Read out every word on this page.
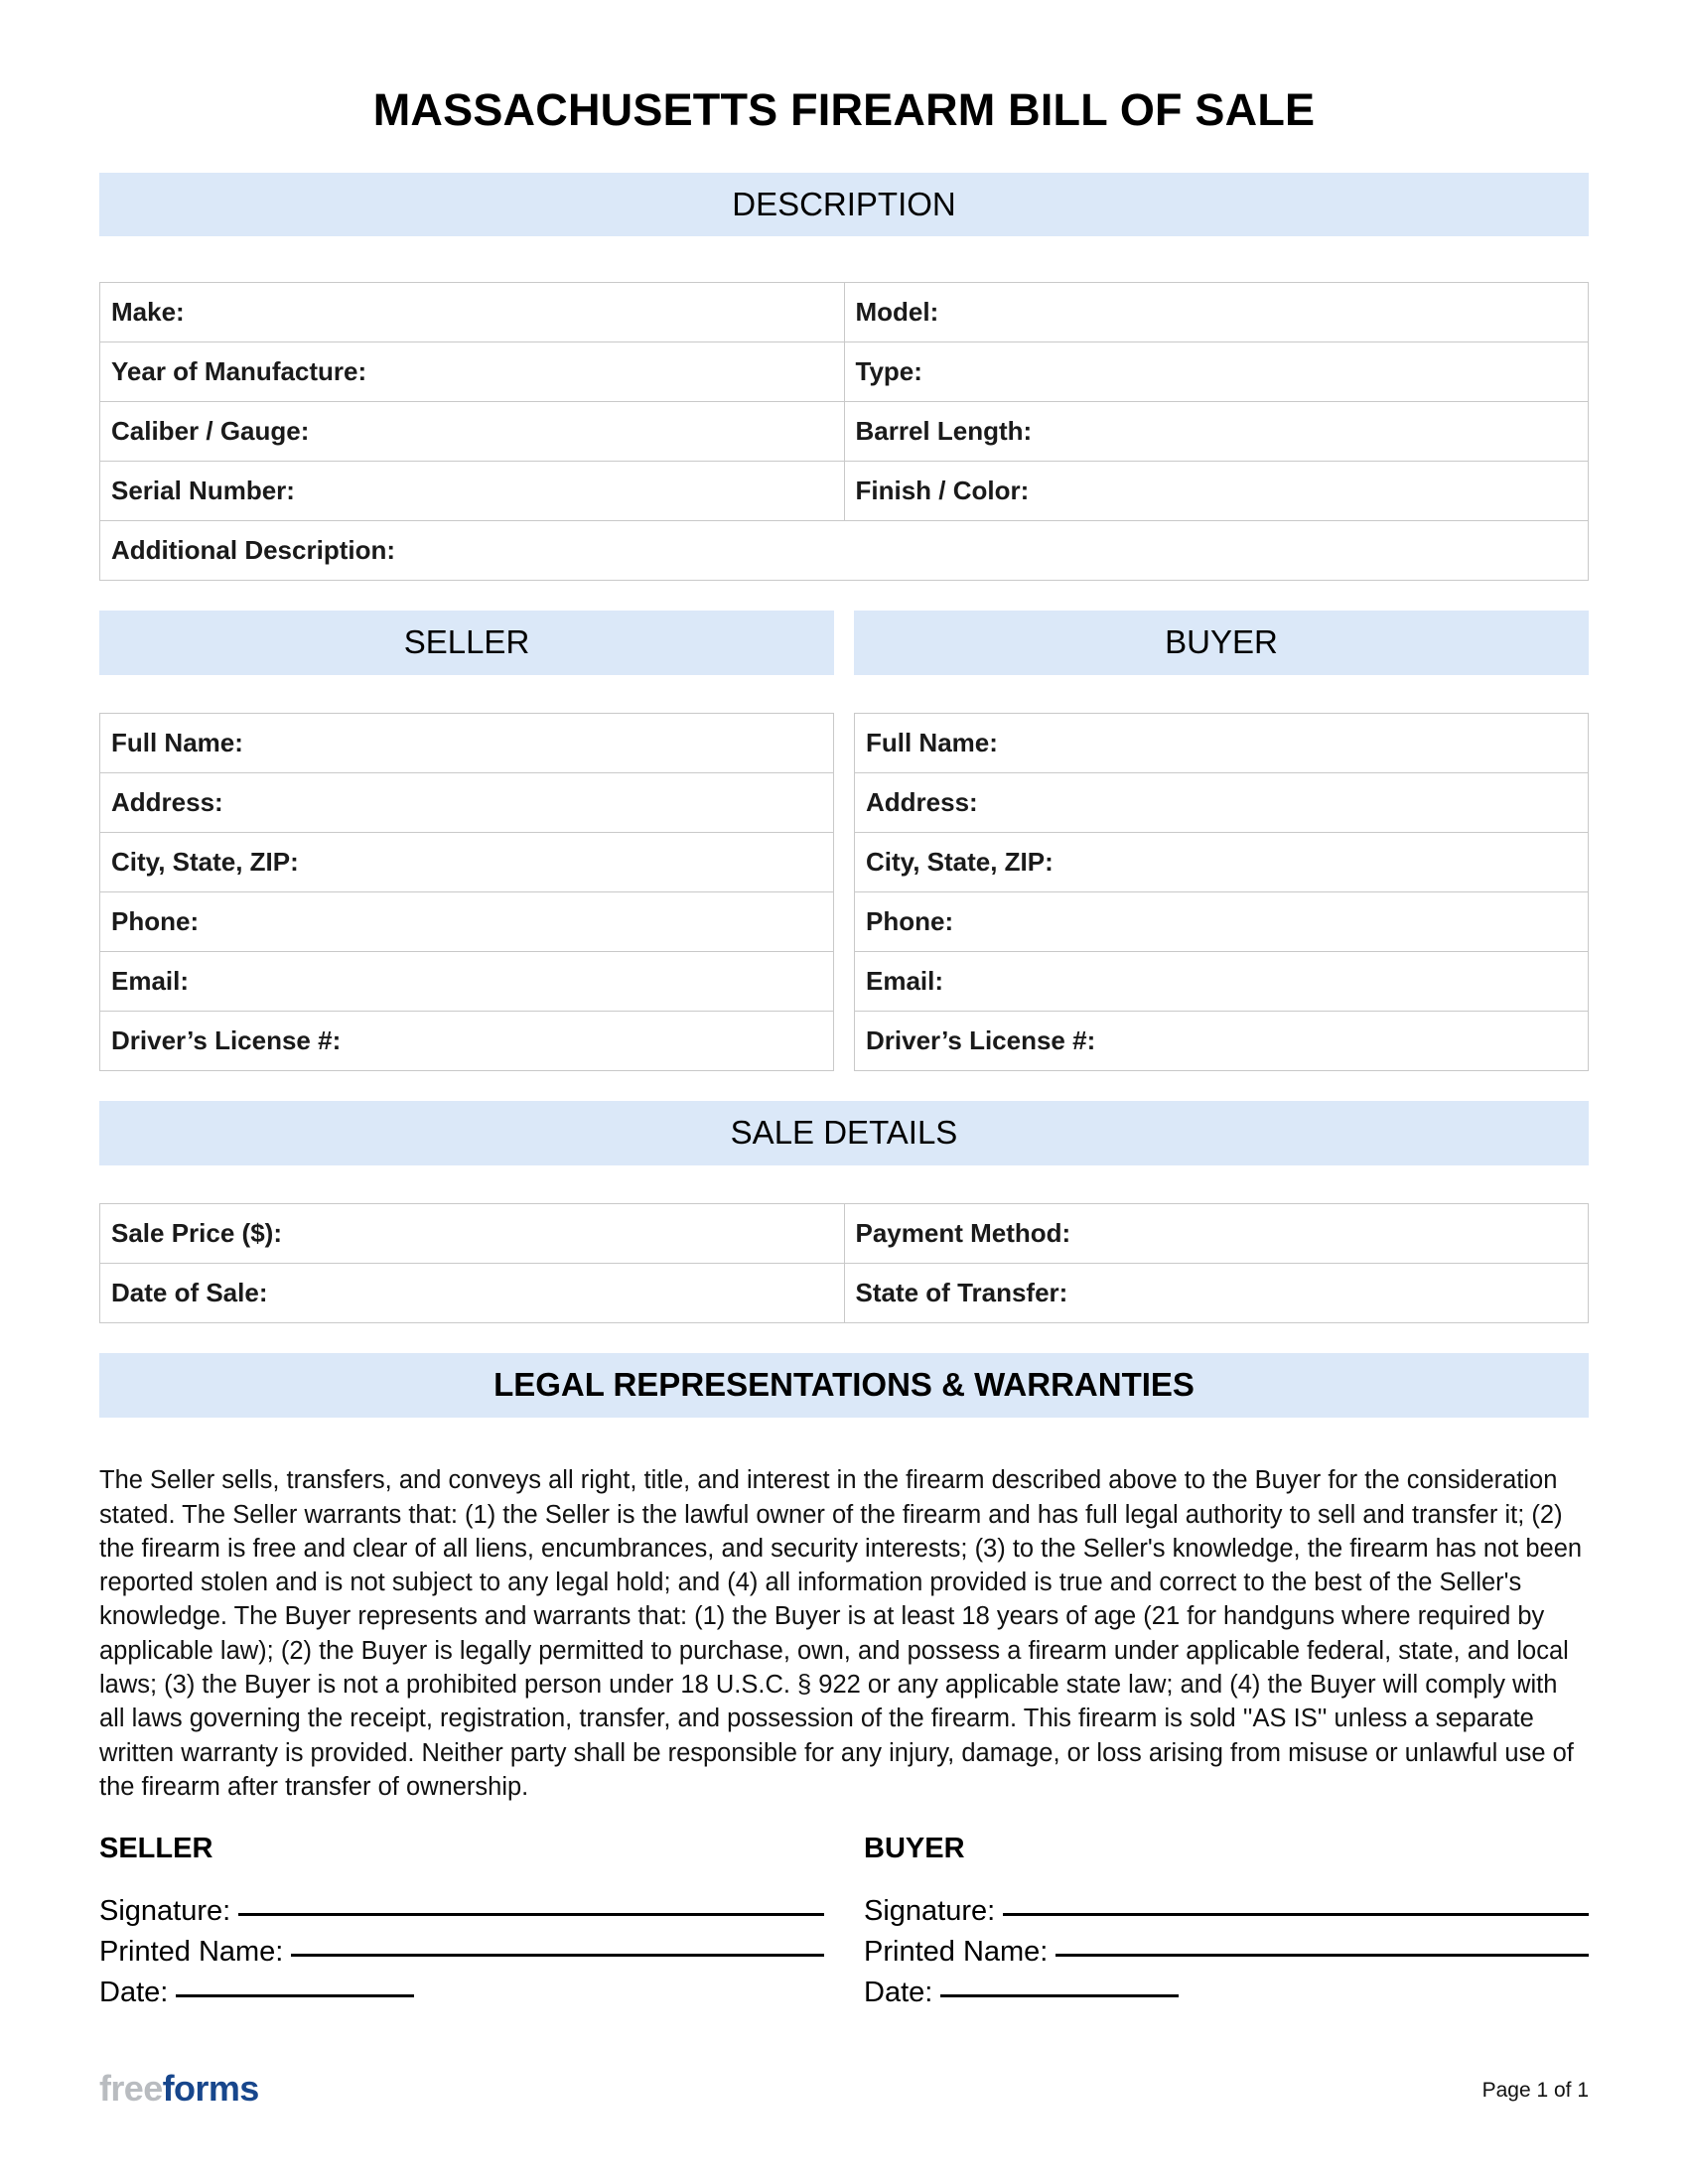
MASSACHUSETTS FIREARM BILL OF SALE
DESCRIPTION
Make:	Model:
Year of Manufacture:	Type:
Caliber / Gauge:	Barrel Length:
Serial Number:	Finish / Color:
Additional Description:	
SELLER	BUYER
Full Name:
Address:
City, State, ZIP:
Phone:
Email:
Driver’s License #:
Full Name:
Address:
City, State, ZIP:
Phone:
Email:
Driver’s License #:
SALE DETAILS
Sale Price ($):	Payment Method:
Date of Sale:	State of Transfer:
LEGAL REPRESENTATIONS & WARRANTIES

The Seller sells, transfers, and conveys all right, title, and interest in the firearm described above to the Buyer for the consideration stated. The Seller warrants that: (1) the Seller is the lawful owner of the firearm and has full legal authority to sell and transfer it; (2) the firearm is free and clear of all liens, encumbrances, and security interests; (3) to the Seller's knowledge, the firearm has not been reported stolen and is not subject to any legal hold; and (4) all information provided is true and correct to the best of the Seller's knowledge. The Buyer represents and warrants that: (1) the Buyer is at least 18 years of age (21 for handguns where required by applicable law); (2) the Buyer is legally permitted to purchase, own, and possess a firearm under applicable federal, state, and local laws; (3) the Buyer is not a prohibited person under 18 U.S.C. § 922 or any applicable state law; and (4) the Buyer will comply with all laws governing the receipt, registration, transfer, and possession of the firearm. This firearm is sold ''AS IS'' unless a separate written warranty is provided. Neither party shall be responsible for any injury, damage, or loss arising from misuse or unlawful use of the firearm after transfer of ownership.

SELLER
Signature:
Printed Name:
Date:
BUYER
Signature:
Printed Name:
Date:
freeforms	Page 1 of 1
